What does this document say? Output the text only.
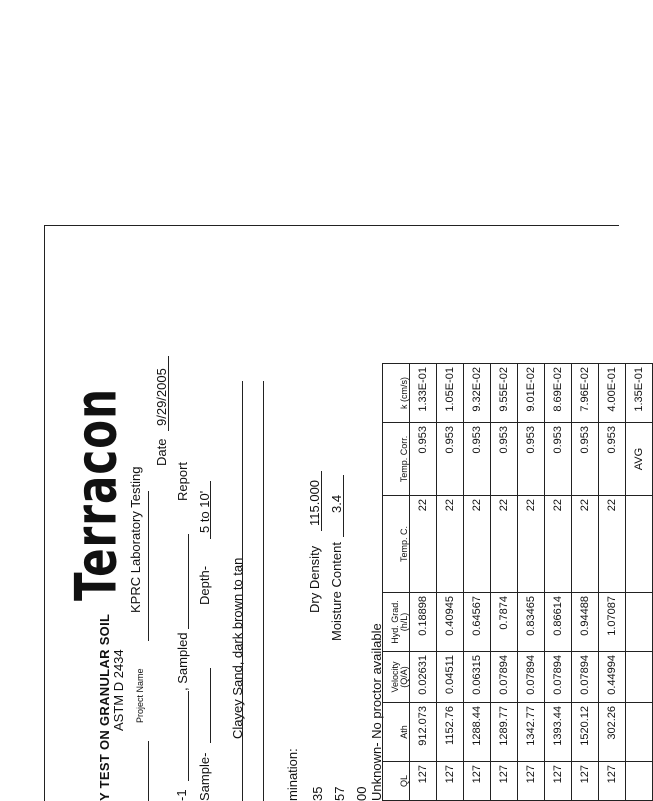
Y TEST ON GRANULAR SOIL ASTM D 2434
Terracon
Project Name
KPRC Laboratory Testing
Date
9/29/2005
-1
, Sampled
Report
Sample-
Depth-
5 to 10'
Clayey Sand, dark brown to tan
mination: 35 57 00
Dry Density
115.000
Moisture Content
3.4
Unknown- No proctor available QL	Ath	Velocity (Q/A)	Hyd. Grad. (h/L)	Temp. C.	Temp. Corr.	k (cm/s)
127	912.073	0.02631	0.18898	22	0.953	1.33E-01
127	1152.76	0.04511	0.40945	22	0.953	1.05E-01
127	1288.44	0.06315	0.64567	22	0.953	9.32E-02
127	1289.77	0.07894	0.7874	22	0.953	9.55E-02
127	1342.77	0.07894	0.83465	22	0.953	9.01E-02
127	1393.44	0.07894	0.86614	22	0.953	8.69E-02
127	1520.12	0.07894	0.94488	22	0.953	7.96E-02
127	302.26	0.44994	1.07087	22	0.953	4.00E-01
					AVG	1.35E-01
